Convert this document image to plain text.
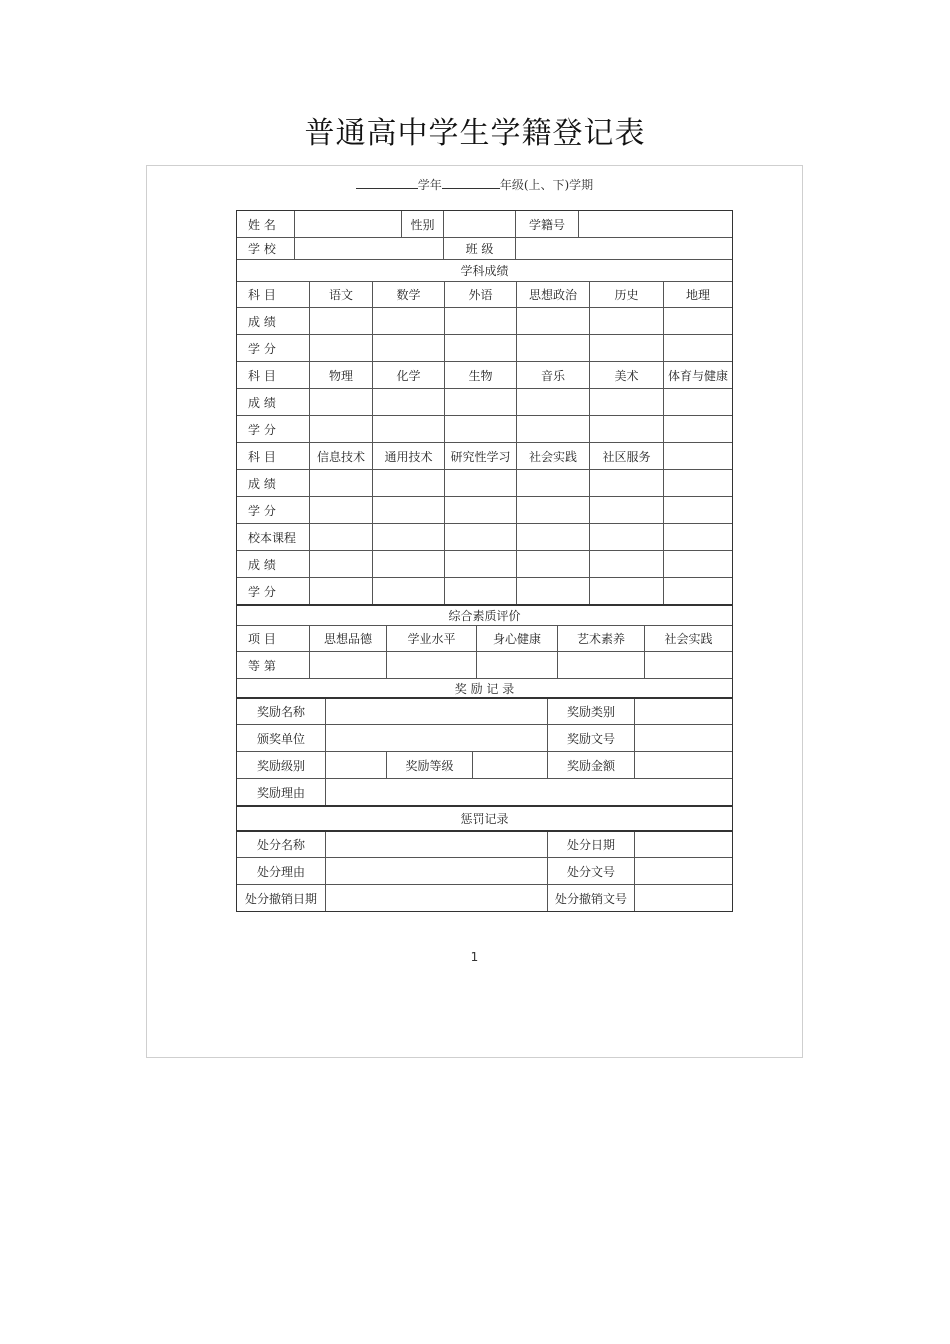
普通高中学生学籍登记表
学年	年级(上、下)学期
姓 名	性别	学籍号
学 校	班 级
学科成绩
科 目	语文	数学	外语	思想政治	历史	地理
成 绩
学 分
科 目	物理	化学	生物	音乐	美术	体育与健康
成 绩
学 分
科 目	信息技术	通用技术	研究性学习	社会实践	社区服务
成 绩
学 分
校本课程
成 绩
学 分
综合素质评价
项 目	思想品德	学业水平	身心健康	艺术素养	社会实践
等 第
奖 励 记 录
奖励名称	奖励类别
颁奖单位	奖励文号
奖励级别	奖励等级	奖励金额
奖励理由
惩罚记录
处分名称	处分日期
处分理由	处分文号
处分撤销日期	处分撤销文号
1
